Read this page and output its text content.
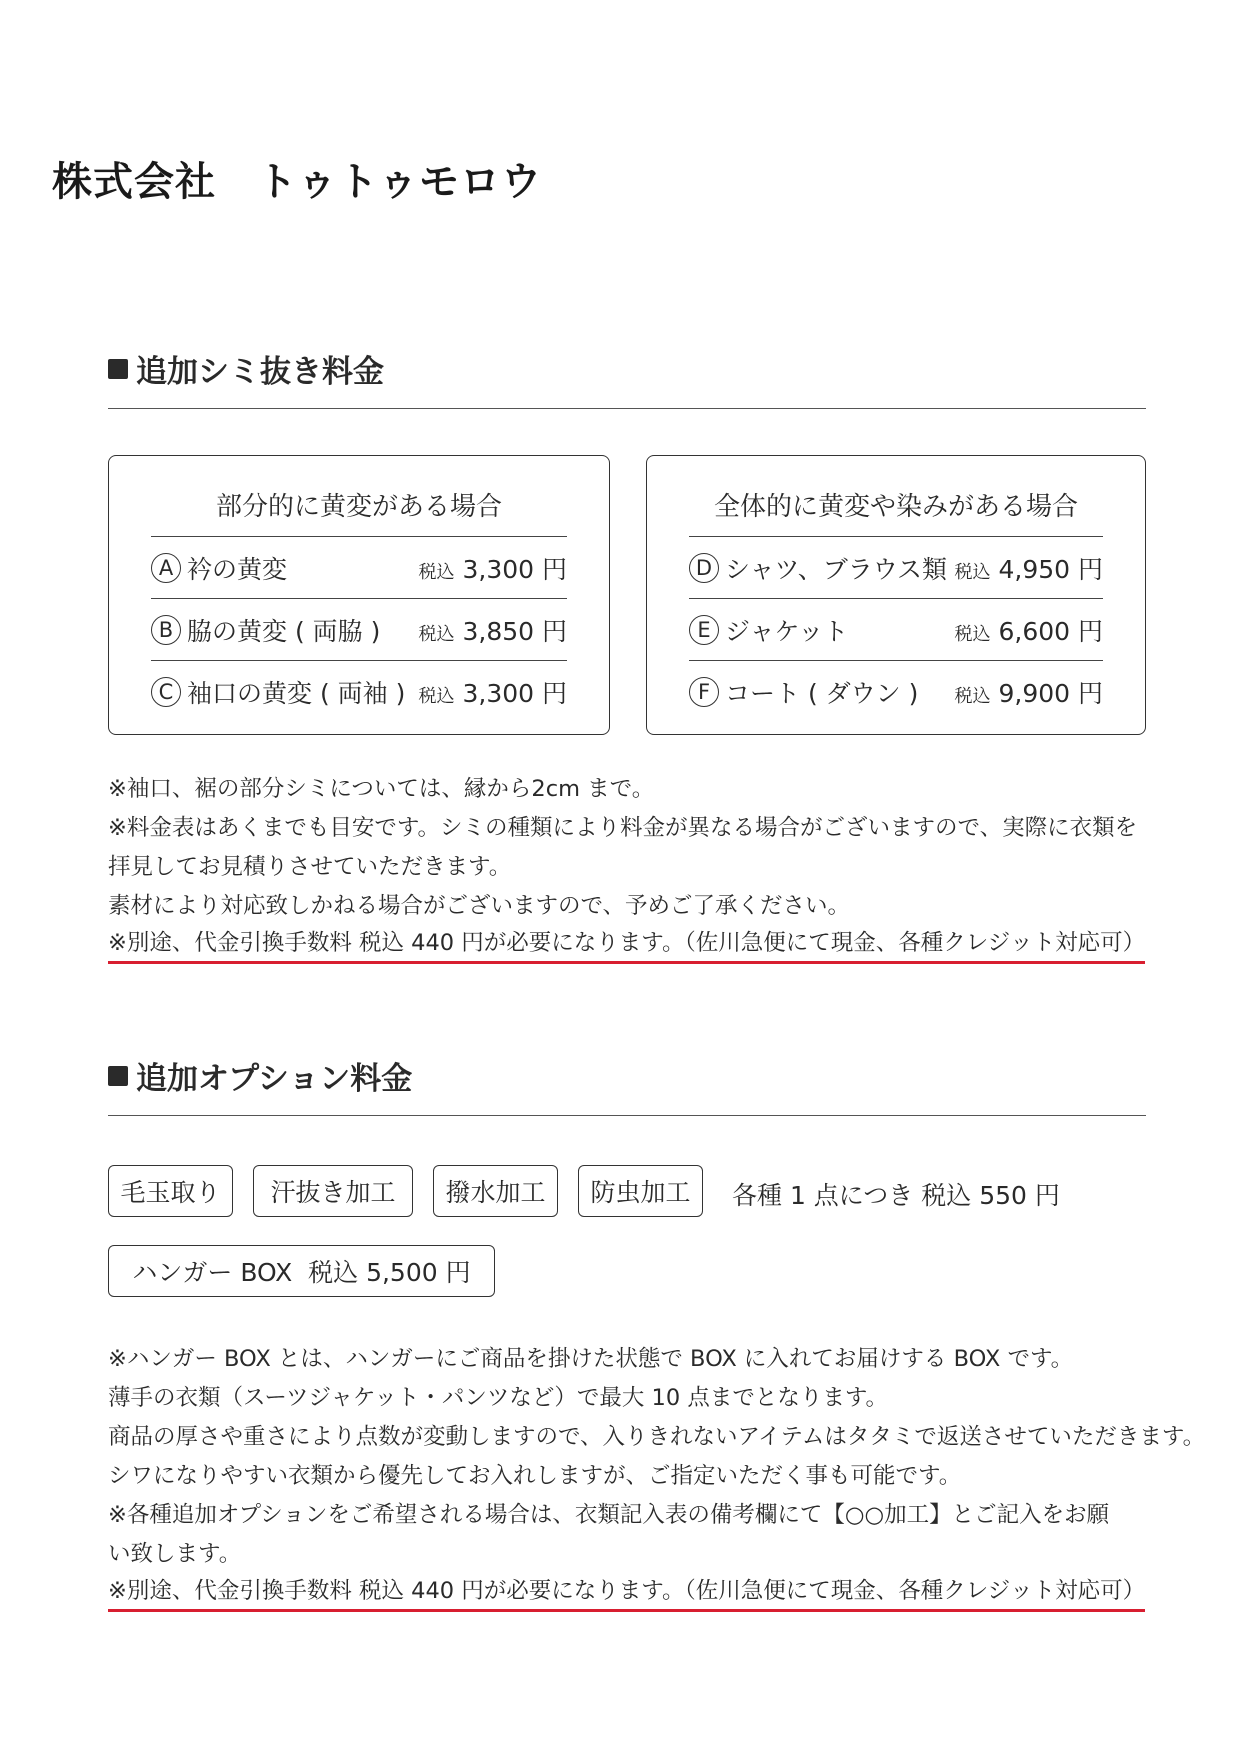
株式会社　トゥトゥモロウ
追加シミ抜き料金
部分的に黄変がある場合
A 衿の黄変	税込 3,300 円
B 脇の黄変 ( 両脇 ) 税込 3,850 円
C 袖口の黄変 ( 両袖 ) 税込 3,300 円
全体的に黄変や染みがある場合
D シャツ、ブラウス類 税込 4,950 円
E ジャケット	税込 6,600 円
F コート ( ダウン ) 税込 9,900 円

※袖口、裾の部分シミについては、縁から2cm まで。

※料金表はあくまでも目安です。シミの種類により料金が異なる場合がございますので、実際に衣類を

拝見してお見積りさせていただきます。

素材により対応致しかねる場合がございますので、予めご了承ください。

※別途、代金引換手数料 税込 440 円が必要になります。（佐川急便にて現金、各種クレジット対応可）

追加オプション料金
毛玉取り	汗抜き加工	撥水加工	防虫加工	各種 1 点につき 税込 550 円
ハンガー BOX  税込 5,500 円

※ハンガー BOX とは、ハンガーにご商品を掛けた状態で BOX に入れてお届けする BOX です。

薄手の衣類（スーツジャケット・パンツなど）で最大 10 点までとなります。

商品の厚さや重さにより点数が変動しますので、入りきれないアイテムはタタミで返送させていただきます。

シワになりやすい衣類から優先してお入れしますが、ご指定いただく事も可能です。

※各種追加オプションをご希望される場合は、衣類記入表の備考欄にて【○○加工】とご記入をお願

い致します。

※別途、代金引換手数料 税込 440 円が必要になります。（佐川急便にて現金、各種クレジット対応可）
